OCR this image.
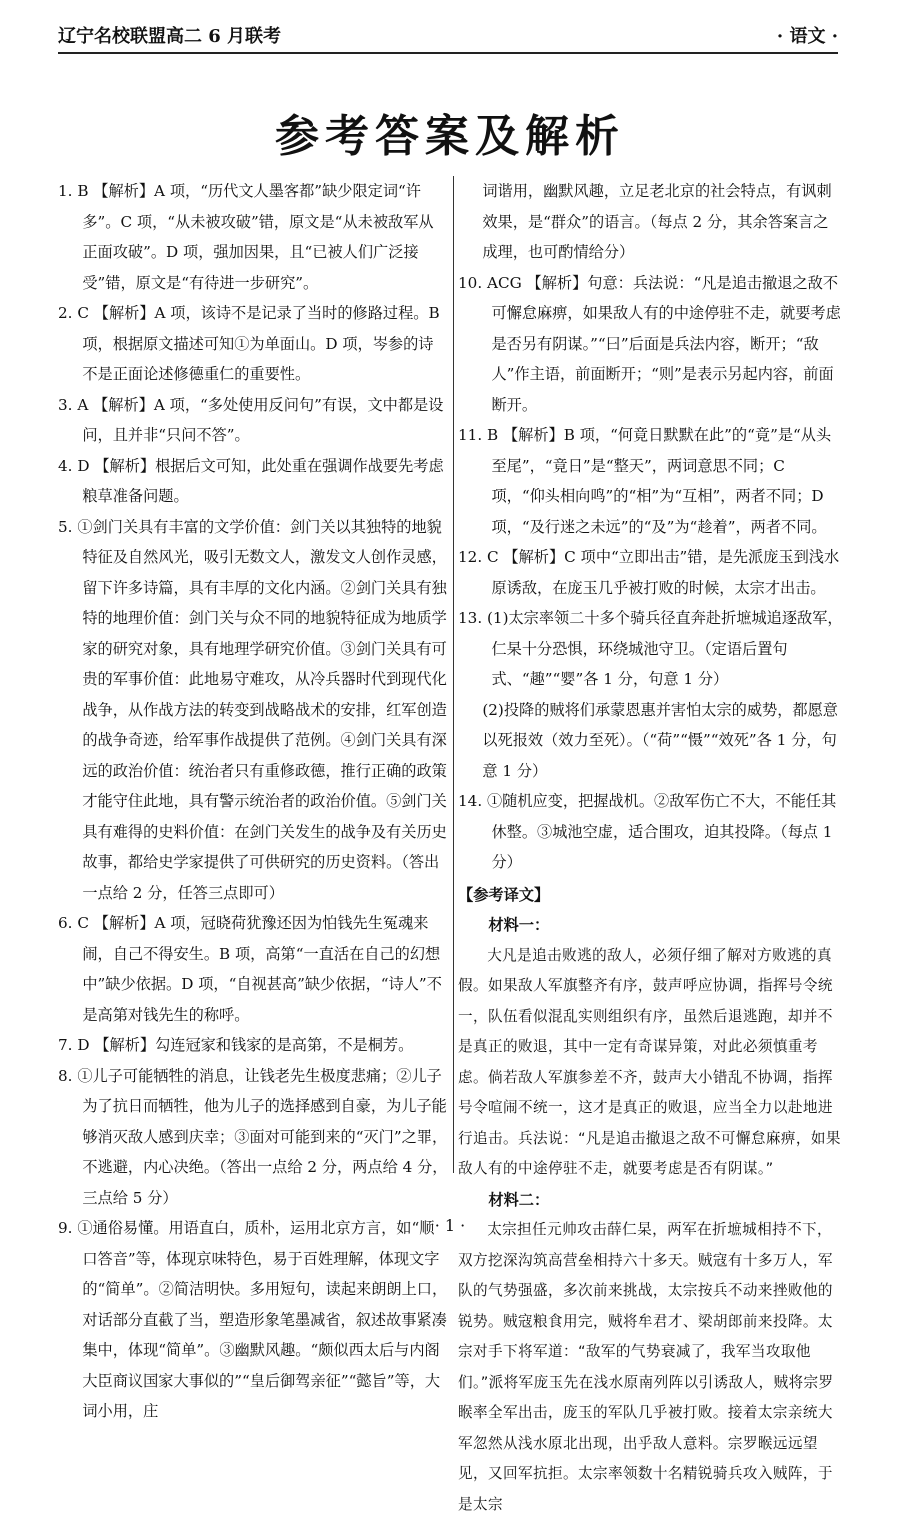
辽宁名校联盟高二 6 月联考	· 语文 ·
参考答案及解析

1. B 【解析】A 项，“历代文人墨客都”缺少限定词“许多”。C 项，“从未被攻破”错，原文是“从未被敌军从正面攻破”。D 项，强加因果，且“已被人们广泛接受”错，原文是“有待进一步研究”。

2. C 【解析】A 项，该诗不是记录了当时的修路过程。B 项，根据原文描述可知①为单面山。D 项，岑参的诗不是正面论述修德重仁的重要性。

3. A 【解析】A 项，“多处使用反问句”有误，文中都是设问，且并非“只问不答”。

4. D 【解析】根据后文可知，此处重在强调作战要先考虑粮草准备问题。

5. ①剑门关具有丰富的文学价值：剑门关以其独特的地貌特征及自然风光，吸引无数文人，激发文人创作灵感，留下许多诗篇，具有丰厚的文化内涵。②剑门关具有独特的地理价值：剑门关与众不同的地貌特征成为地质学家的研究对象，具有地理学研究价值。③剑门关具有可贵的军事价值：此地易守难攻，从冷兵器时代到现代化战争，从作战方法的转变到战略战术的安排，红军创造的战争奇迹，给军事作战提供了范例。④剑门关具有深远的政治价值：统治者只有重修政德，推行正确的政策才能守住此地，具有警示统治者的政治价值。⑤剑门关具有难得的史料价值：在剑门关发生的战争及有关历史故事，都给史学家提供了可供研究的历史资料。（答出一点给 2 分，任答三点即可）

6. C 【解析】A 项，冠晓荷犹豫还因为怕钱先生冤魂来闹，自己不得安生。B 项，高第“一直活在自己的幻想中”缺少依据。D 项，“自视甚高”缺少依据，“诗人”不是高第对钱先生的称呼。

7. D 【解析】勾连冠家和钱家的是高第，不是桐芳。

8. ①儿子可能牺牲的消息，让钱老先生极度悲痛；②儿子为了抗日而牺牲，他为儿子的选择感到自豪，为儿子能够消灭敌人感到庆幸；③面对可能到来的“灭门”之罪，不逃避，内心决绝。（答出一点给 2 分，两点给 4 分，三点给 5 分）

9. ①通俗易懂。用语直白，质朴，运用北京方言，如“顺口答音”等，体现京味特色，易于百姓理解，体现文字的“简单”。②简洁明快。多用短句，读起来朗朗上口，对话部分直截了当，塑造形象笔墨减省，叙述故事紧凑集中，体现“简单”。③幽默风趣。“颇似西太后与内阁大臣商议国家大事似的”“皇后御驾亲征”“懿旨”等，大词小用，庄

词谐用，幽默风趣，立足老北京的社会特点，有讽刺效果，是“群众”的语言。（每点 2 分，其余答案言之成理，也可酌情给分）

10. ACG 【解析】句意：兵法说：“凡是追击撤退之敌不可懈怠麻痹，如果敌人有的中途停驻不走，就要考虑是否另有阴谋。”“曰”后面是兵法内容，断开；“敌人”作主语，前面断开；“则”是表示另起内容，前面断开。

11. B 【解析】B 项，“何竟日默默在此”的“竟”是“从头至尾”，“竟日”是“整天”，两词意思不同；C 项，“仰头相向鸣”的“相”为“互相”，两者不同；D 项，“及行迷之未远”的“及”为“趁着”，两者不同。

12. C 【解析】C 项中“立即出击”错，是先派庞玉到浅水原诱敌，在庞玉几乎被打败的时候，太宗才出击。

13. (1)太宗率领二十多个骑兵径直奔赴折墌城追逐敌军，仁杲十分恐惧，环绕城池守卫。（定语后置句式、“趣”“婴”各 1 分，句意 1 分）

(2)投降的贼将们承蒙恩惠并害怕太宗的威势，都愿意以死报效（效力至死）。（“荷”“慑”“效死”各 1 分，句意 1 分）

14. ①随机应变，把握战机。②敌军伤亡不大，不能任其休整。③城池空虚，适合围攻，迫其投降。（每点 1 分）

【参考译文】

材料一：

大凡是追击败逃的敌人，必须仔细了解对方败逃的真假。如果敌人军旗整齐有序，鼓声呼应协调，指挥号令统一，队伍看似混乱实则组织有序，虽然后退逃跑，却并不是真正的败退，其中一定有奇谋异策，对此必须慎重考虑。倘若敌人军旗参差不齐，鼓声大小错乱不协调，指挥号令喧闹不统一，这才是真正的败退，应当全力以赴地进行追击。兵法说：“凡是追击撤退之敌不可懈怠麻痹，如果敌人有的中途停驻不走，就要考虑是否有阴谋。”

材料二：

太宗担任元帅攻击薛仁杲，两军在折墌城相持不下，双方挖深沟筑高营垒相持六十多天。贼寇有十多万人，军队的气势强盛，多次前来挑战，太宗按兵不动来挫败他的锐势。贼寇粮食用完，贼将牟君才、梁胡郎前来投降。太宗对手下将军道：“敌军的气势衰减了，我军当攻取他们。”派将军庞玉先在浅水原南列阵以引诱敌人，贼将宗罗睺率全军出击，庞玉的军队几乎被打败。接着太宗亲统大军忽然从浅水原北出现，出乎敌人意料。宗罗睺远远望见，又回军抗拒。太宗率领数十名精锐骑兵攻入贼阵，于是太宗

· 1 ·
